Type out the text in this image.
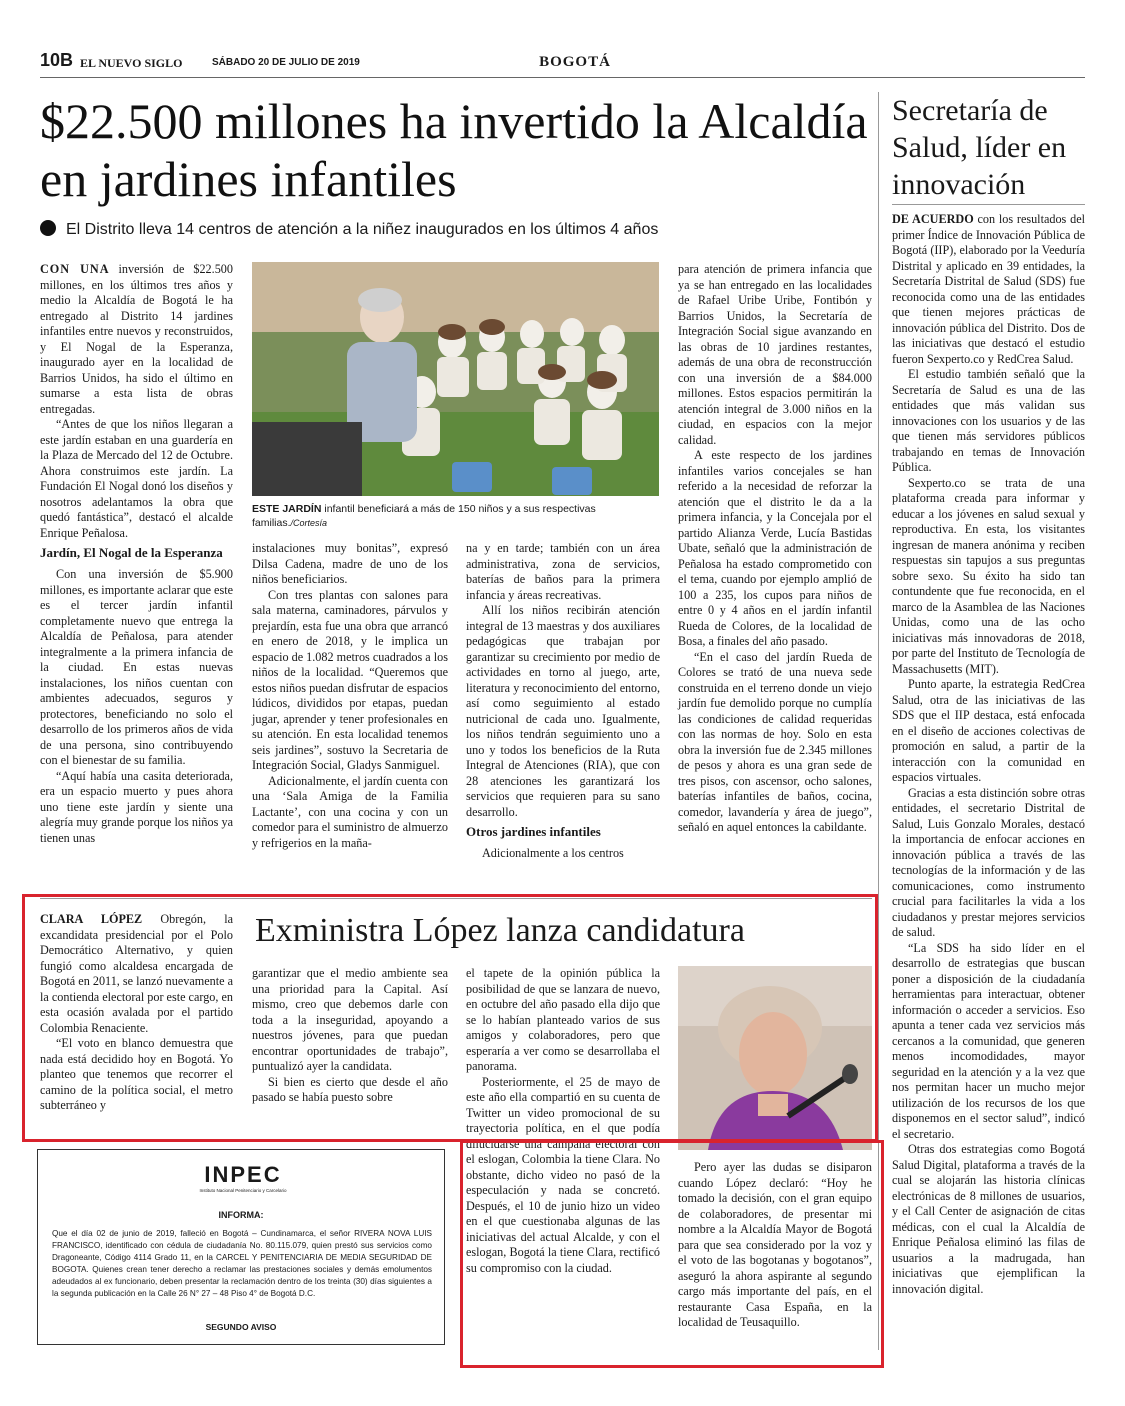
10B EL NUEVO SIGLO	SÁBADO 20 DE JULIO DE 2019	BOGOTÁ
$22.500 millones ha invertido la Alcaldía en jardines infantiles
El Distrito lleva 14 centros de atención a la niñez inaugurados en los últimos 4 años

CON UNA inversión de $22.500 millones, en los últimos tres años y medio la Alcaldía de Bogotá le ha entregado al Distrito 14 jardines infantiles entre nuevos y reconstruidos, y El Nogal de la Esperanza, inaugurado ayer en la localidad de Barrios Unidos, ha sido el último en sumarse a esta lista de obras entregadas.

“Antes de que los niños llegaran a este jardín estaban en una guardería en la Plaza de Mercado del 12 de Octubre. Ahora construimos este jardín. La Fundación El Nogal donó los diseños y nosotros adelantamos la obra que quedó fantástica”, destacó el alcalde Enrique Peñalosa.

Jardín, El Nogal de la Esperanza

Con una inversión de $5.900 millones, es importante aclarar que este es el tercer jardín infantil completamente nuevo que entrega la Alcaldía de Peñalosa, para atender integralmente a la primera infancia de la ciudad. En estas nuevas instalaciones, los niños cuentan con ambientes adecuados, seguros y protectores, beneficiando no solo el desarrollo de los primeros años de vida de una persona, sino contribuyendo con el bienestar de su familia.

“Aquí había una casita deteriorada, era un espacio muerto y pues ahora uno tiene este jardín y siente una alegría muy grande porque los niños ya tienen unas

ESTE JARDÍN infantil beneficiará a más de 150 niños y a sus respectivas familias./Cortesía

instalaciones muy bonitas”, expresó Dilsa Cadena, madre de uno de los niños beneficiarios.

Con tres plantas con salones para sala materna, caminadores, párvulos y prejardín, esta fue una obra que arrancó en enero de 2018, y le implica un espacio de 1.082 metros cuadrados a los niños de la localidad. “Queremos que estos niños puedan disfrutar de espacios lúdicos, divididos por etapas, puedan jugar, aprender y tener profesionales en su atención. En esta localidad tenemos seis jardines”, sostuvo la Secretaria de Integración Social, Gladys Sanmiguel.

Adicionalmente, el jardín cuenta con una ‘Sala Amiga de la Familia Lactante’, con una cocina y con un comedor para el suministro de almuerzo y refrigerios en la maña-

na y en tarde; también con un área administrativa, zona de servicios, baterías de baños para la primera infancia y áreas recreativas.

Allí los niños recibirán atención integral de 13 maestras y dos auxiliares pedagógicas que trabajan por garantizar su crecimiento por medio de actividades en torno al juego, arte, literatura y reconocimiento del entorno, así como seguimiento al estado nutricional de cada uno. Igualmente, los niños tendrán seguimiento uno a uno y todos los beneficios de la Ruta Integral de Atenciones (RIA), que con 28 atenciones les garantizará los servicios que requieren para su sano desarrollo.

Otros jardines infantiles

Adicionalmente a los centros

para atención de primera infancia que ya se han entregado en las localidades de Rafael Uribe Uribe, Fontibón y Barrios Unidos, la Secretaría de Integración Social sigue avanzando en las obras de 10 jardines restantes, además de una obra de reconstrucción con una inversión de a $84.000 millones. Estos espacios permitirán la atención integral de 3.000 niños en la ciudad, en espacios con la mejor calidad.

A este respecto de los jardines infantiles varios concejales se han referido a la necesidad de reforzar la atención que el distrito le da a la primera infancia, y la Concejala por el partido Alianza Verde, Lucía Bastidas Ubate, señaló que la administración de Peñalosa ha estado comprometido con el tema, cuando por ejemplo amplió de 100 a 235, los cupos para niños de entre 0 y 4 años en el jardín infantil Rueda de Colores, de la localidad de Bosa, a finales del año pasado.

“En el caso del jardín Rueda de Colores se trató de una nueva sede construida en el terreno donde un viejo jardín fue demolido porque no cumplía las condiciones de calidad requeridas con las normas de hoy. Solo en esta obra la inversión fue de 2.345 millones de pesos y ahora es una gran sede de tres pisos, con ascensor, ocho salones, baterías infantiles de baños, cocina, comedor, lavandería y área de juego”, señaló en aquel entonces la cabildante.

Secretaría de Salud, líder en innovación

DE ACUERDO con los resultados del primer Índice de Innovación Pública de Bogotá (IIP), elaborado por la Veeduría Distrital y aplicado en 39 entidades, la Secretaría Distrital de Salud (SDS) fue reconocida como una de las entidades que tienen mejores prácticas de innovación pública del Distrito. Dos de las iniciativas que destacó el estudio fueron Sexperto.co y RedCrea Salud.

El estudio también señaló que la Secretaría de Salud es una de las entidades que más validan sus innovaciones con los usuarios y de las que tienen más servidores públicos trabajando en temas de Innovación Pública.

Sexperto.co se trata de una plataforma creada para informar y educar a los jóvenes en salud sexual y reproductiva. En esta, los visitantes ingresan de manera anónima y reciben respuestas sin tapujos a sus preguntas sobre sexo. Su éxito ha sido tan contundente que fue reconocida, en el marco de la Asamblea de las Naciones Unidas, como una de las ocho iniciativas más innovadoras de 2018, por parte del Instituto de Tecnología de Massachusetts (MIT).

Punto aparte, la estrategia RedCrea Salud, otra de las iniciativas de las SDS que el IIP destaca, está enfocada en el diseño de acciones colectivas de promoción en salud, a partir de la interacción con la comunidad en espacios virtuales.

Gracias a esta distinción sobre otras entidades, el secretario Distrital de Salud, Luis Gonzalo Morales, destacó la importancia de enfocar acciones en innovación pública a través de las tecnologías de la información y de las comunicaciones, como instrumento crucial para facilitarles la vida a los ciudadanos y prestar mejores servicios de salud.

“La SDS ha sido líder en el desarrollo de estrategias que buscan poner a disposición de la ciudadanía herramientas para interactuar, obtener información o acceder a servicios. Eso apunta a tener cada vez servicios más cercanos a la comunidad, que generen menos incomodidades, mayor seguridad en la atención y a la vez que nos permitan hacer un mucho mejor utilización de los recursos de los que disponemos en el sector salud”, indicó el secretario.

Otras dos estrategias como Bogotá Salud Digital, plataforma a través de la cual se alojarán las historia clínicas electrónicas de 8 millones de usuarios, y el Call Center de asignación de citas médicas, con el cual la Alcaldía de Enrique Peñalosa eliminó las filas de usuarios a la madrugada, han iniciativas que ejemplifican la innovación digital.

Exministra López lanza candidatura

CLARA LÓPEZ Obregón, la excandidata presidencial por el Polo Democrático Alternativo, y quien fungió como alcaldesa encargada de Bogotá en 2011, se lanzó nuevamente a la contienda electoral por este cargo, en esta ocasión avalada por el partido Colombia Renaciente.

“El voto en blanco demuestra que nada está decidido hoy en Bogotá. Yo planteo que tenemos que recorrer el camino de la política social, el metro subterráneo y

garantizar que el medio ambiente sea una prioridad para la Capital. Así mismo, creo que debemos darle con toda a la inseguridad, apoyando a nuestros jóvenes, para que puedan encontrar oportunidades de trabajo”, puntualizó ayer la candidata.

Si bien es cierto que desde el año pasado se había puesto sobre

el tapete de la opinión pública la posibilidad de que se lanzara de nuevo, en octubre del año pasado ella dijo que se lo habían planteado varios de sus amigos y colaboradores, pero que esperaría a ver como se desarrollaba el panorama.

Posteriormente, el 25 de mayo de este año ella compartió en su cuenta de Twitter un video promocional de su trayectoria política, en el que podía dilucidarse una campaña electoral con el eslogan, Colombia la tiene Clara. No obstante, dicho video no pasó de la especulación y nada se concretó. Después, el 10 de junio hizo un video en el que cuestionaba algunas de las iniciativas del actual Alcalde, y con el eslogan, Bogotá la tiene Clara, rectificó su compromiso con la ciudad.

Pero ayer las dudas se disiparon cuando López declaró: “Hoy he tomado la decisión, con el gran equipo de colaboradores, de presentar mi nombre a la Alcaldía Mayor de Bogotá para que sea considerado por la voz y el voto de las bogotanas y bogotanos”, aseguró la ahora aspirante al segundo cargo más importante del país, en el restaurante Casa España, en la localidad de Teusaquillo.

INPEC
Instituto Nacional Penitenciario y Carcelario
INFORMA:
Que el día 02 de junio de 2019, falleció en Bogotá – Cundinamarca, el señor RIVERA NOVA LUIS FRANCISCO, identificado con cédula de ciudadanía No. 80.115.079, quien prestó sus servicios como Dragoneante, Código 4114 Grado 11, en la CARCEL Y PENITENCIARIA DE MEDIA SEGURIDAD DE BOGOTA. Quienes crean tener derecho a reclamar las prestaciones sociales y demás emolumentos adeudados al ex funcionario, deben presentar la reclamación dentro de los treinta (30) días siguientes a la segunda publicación en la Calle 26 N° 27 – 48 Piso 4° de Bogotá D.C.
SEGUNDO AVISO
